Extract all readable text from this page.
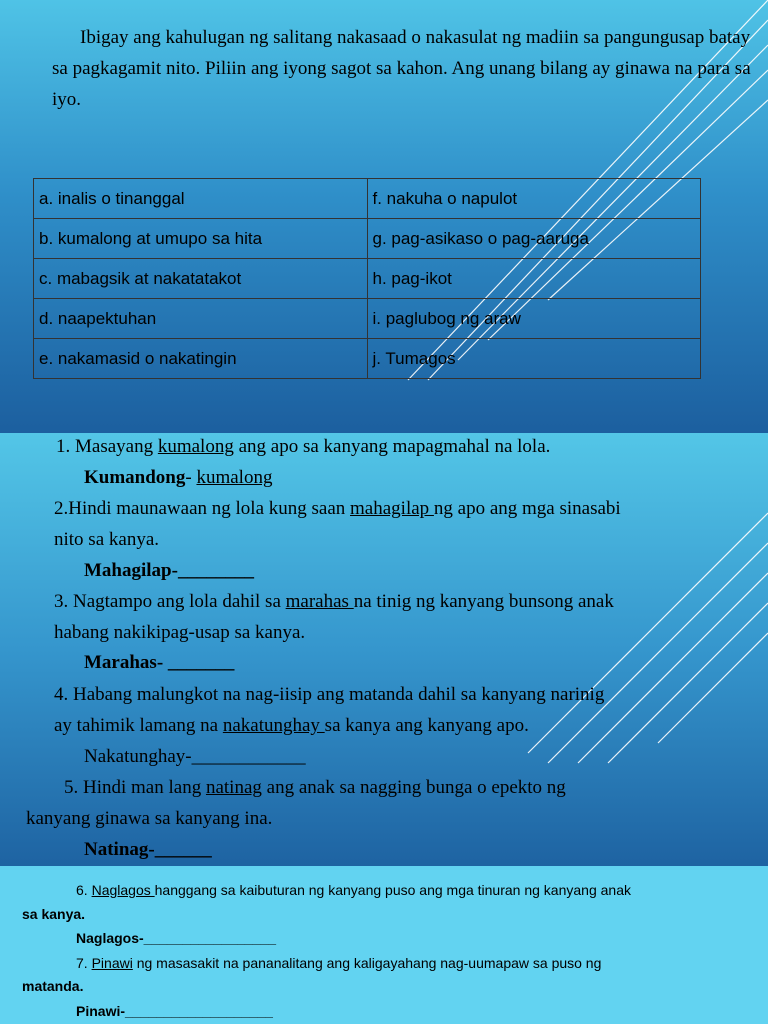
Ibigay ang kahulugan ng salitang nakasaad o nakasulat ng madiin sa pangungusap batay sa pagkagamit nito. Piliin ang iyong sagot sa kahon. Ang unang bilang ay ginawa na para sa iyo.

a. inalis o tinanggal	f. nakuha o napulot
b. kumalong at umupo sa hita	g. pag-asikaso o pag-aaruga
c. mabagsik at nakatatakot	h. pag-ikot
d. naapektuhan	i. paglubog ng araw
e. nakamasid o nakatingin	j. Tumagos

1. Masayang kumalong ang apo sa kanyang mapagmahal na lola.

Kumandong- kumalong

2.Hindi maunawaan ng lola kung saan mahagilap ng apo ang mga sinasabi

nito sa kanya.

Mahagilap-________

3. Nagtampo ang lola dahil sa marahas na tinig ng kanyang bunsong anak

habang nakikipag-usap sa kanya.

Marahas- _______

4. Habang malungkot na nag-iisip ang matanda dahil sa kanyang narinig

ay tahimik lamang na nakatunghay sa kanya ang kanyang apo.

Nakatunghay-____________

5. Hindi man lang natinag ang anak sa nagging bunga o epekto ng

kanyang ginawa sa kanyang ina.

Natinag-______

6. Naglagos hanggang sa kaibuturan ng kanyang puso ang mga tinuran ng kanyang anak

sa kanya.

Naglagos-_________________

7. Pinawi ng masasakit na pananalitang ang kaligayahang nag-uumapaw sa puso ng

matanda.

Pinawi-___________________
